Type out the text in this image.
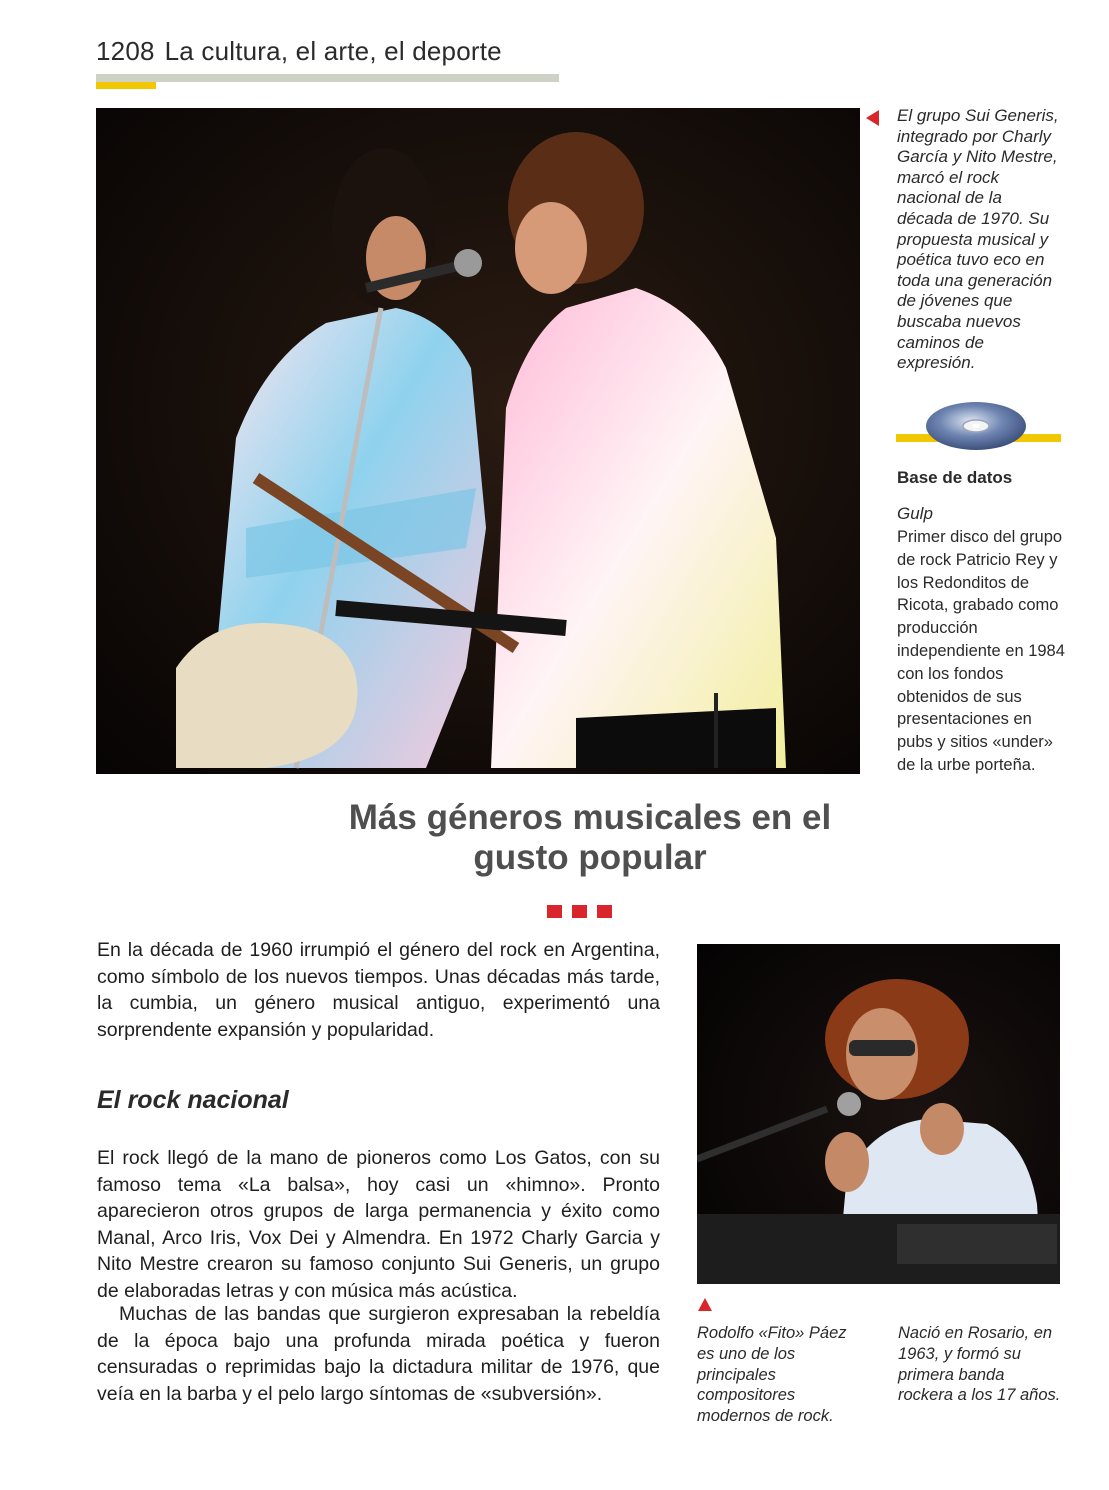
1208 La cultura, el arte, el deporte
El grupo Sui Generis, integrado por Charly García y Nito Mestre, marcó el rock nacional de la década de 1970. Su propuesta musical y poética tuvo eco en toda una generación de jóvenes que buscaba nuevos caminos de expresión.
Base de datos
Gulp
Primer disco del grupo de rock Patricio Rey y los Redonditos de Ricota, grabado como producción independiente en 1984 con los fondos obtenidos de sus presentaciones en pubs y sitios «under» de la urbe porteña.
Más géneros musicales en el gusto popular
En la década de 1960 irrumpió el género del rock en Argentina, como símbolo de los nuevos tiempos. Unas décadas más tarde, la cumbia, un género musical antiguo, experimentó una sorprendente expansión y popularidad.
El rock nacional
El rock llegó de la mano de pioneros como Los Gatos, con su famoso tema «La balsa», hoy casi un «himno». Pronto aparecieron otros grupos de larga permanencia y éxito como Manal, Arco Iris, Vox Dei y Almendra. En 1972 Charly Garcia y Nito Mestre crearon su famoso conjunto Sui Generis, un grupo de elaboradas letras y con música más acústica.
Muchas de las bandas que surgieron expresaban la rebeldía de la época bajo una profunda mirada poética y fueron censuradas o reprimidas bajo la dictadura militar de 1976, que veía en la barba y el pelo largo síntomas de «subversión».
Rodolfo «Fito» Páez es uno de los principales compositores modernos de rock.
Nació en Rosario, en 1963, y formó su primera banda rockera a los 17 años.
